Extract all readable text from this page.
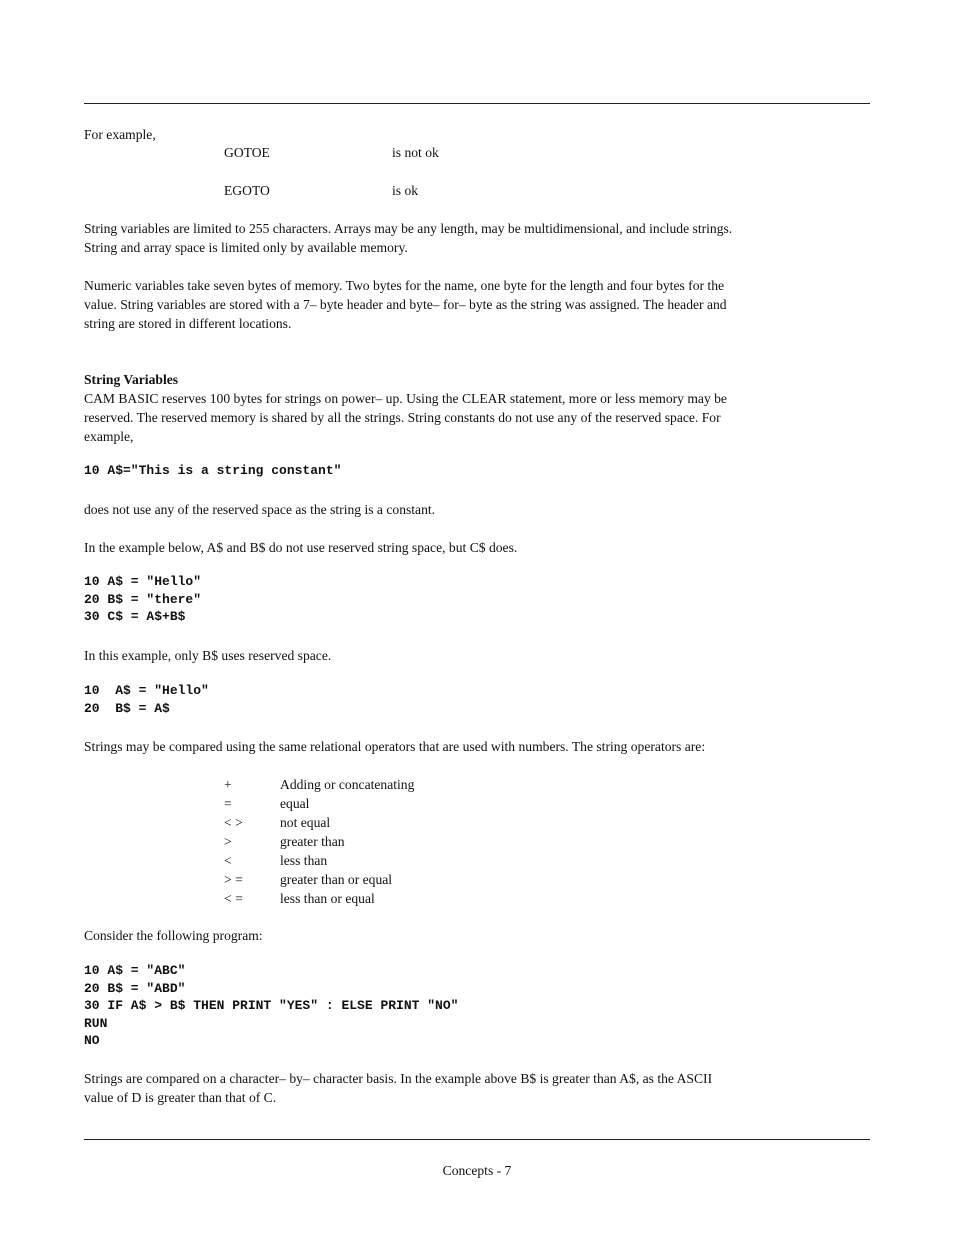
For example,

GOTOE	is not ok
EGOTO	is ok

String variables are limited to 255 characters. Arrays may be any length, may be multidimensional, and include strings.

String and array space is limited only by available memory.

Numeric variables take seven bytes of memory. Two bytes for the name, one byte for the length and four bytes for the

value. String variables are stored with a 7– byte header and byte– for– byte as the string was assigned. The header and

string are stored in different locations.

String Variables

CAM BASIC reserves 100 bytes for strings on power– up. Using the CLEAR statement, more or less memory may be

reserved. The reserved memory is shared by all the strings. String constants do not use any of the reserved space. For

example,

10 A$="This is a string constant"

does not use any of the reserved space as the string is a constant.

In the example below, A$ and B$ do not use reserved string space, but C$ does.

10 A$ = "Hello"
20 B$ = "there"
30 C$ = A$+B$

In this example, only B$ uses reserved space.

10  A$ = "Hello"
20  B$ = A$

Strings may be compared using the same relational operators that are used with numbers. The string operators are:

+	Adding or concatenating
=	equal
< >	not equal
>	greater than
<	less than
> =	greater than or equal
< =	less than or equal

Consider the following program:

10 A$ = "ABC"
20 B$ = "ABD"
30 IF A$ > B$ THEN PRINT "YES" : ELSE PRINT "NO"
RUN
NO

Strings are compared on a character– by– character basis. In the example above B$ is greater than A$, as the ASCII

value of D is greater than that of C.

Concepts - 7
